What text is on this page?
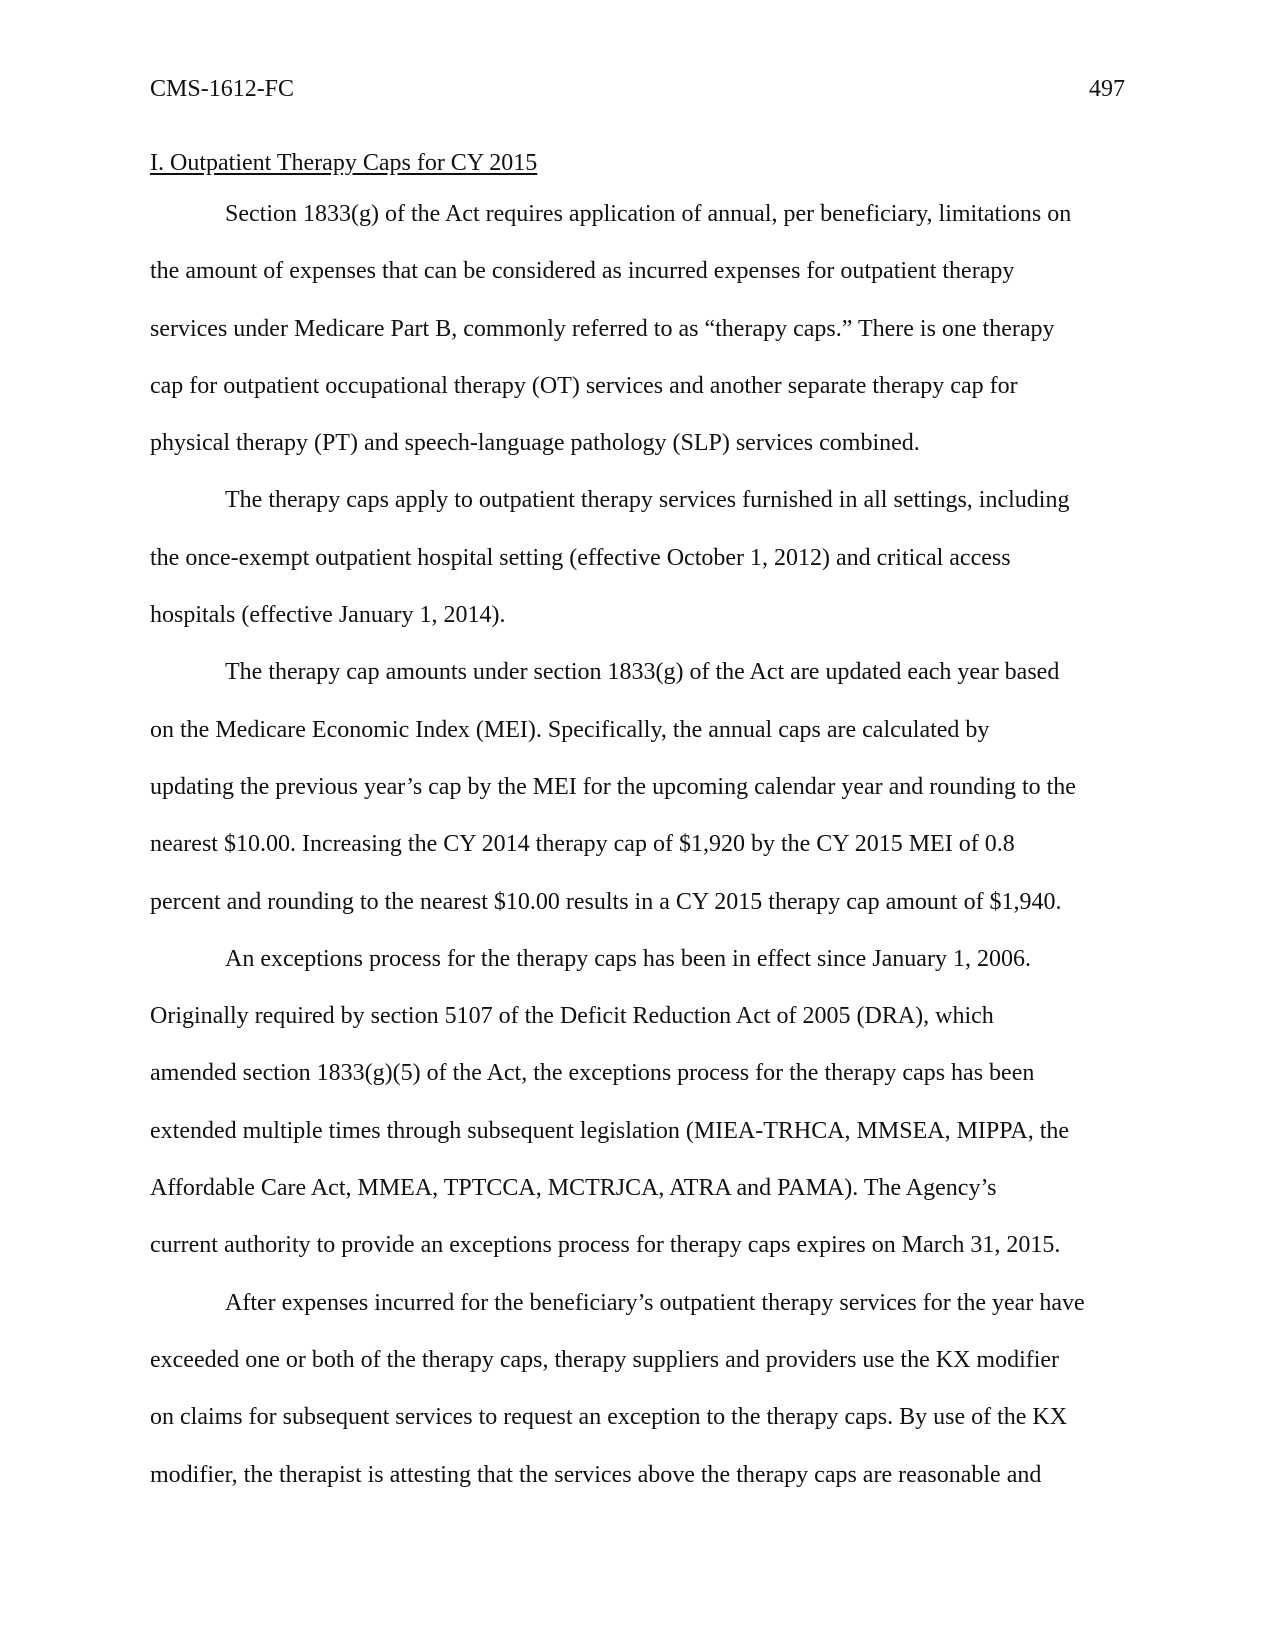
CMS-1612-FC	497
I. Outpatient Therapy Caps for CY 2015
Section 1833(g) of the Act requires application of annual, per beneficiary, limitations on
the amount of expenses that can be considered as incurred expenses for outpatient therapy
services under Medicare Part B, commonly referred to as “therapy caps.” There is one therapy
cap for outpatient occupational therapy (OT) services and another separate therapy cap for
physical therapy (PT) and speech-language pathology (SLP) services combined.
The therapy caps apply to outpatient therapy services furnished in all settings, including
the once-exempt outpatient hospital setting (effective October 1, 2012) and critical access
hospitals (effective January 1, 2014).
The therapy cap amounts under section 1833(g) of the Act are updated each year based
on the Medicare Economic Index (MEI). Specifically, the annual caps are calculated by
updating the previous year’s cap by the MEI for the upcoming calendar year and rounding to the
nearest $10.00. Increasing the CY 2014 therapy cap of $1,920 by the CY 2015 MEI of 0.8
percent and rounding to the nearest $10.00 results in a CY 2015 therapy cap amount of $1,940.
An exceptions process for the therapy caps has been in effect since January 1, 2006.
Originally required by section 5107 of the Deficit Reduction Act of 2005 (DRA), which
amended section 1833(g)(5) of the Act, the exceptions process for the therapy caps has been
extended multiple times through subsequent legislation (MIEA-TRHCA, MMSEA, MIPPA, the
Affordable Care Act, MMEA, TPTCCA, MCTRJCA, ATRA and PAMA). The Agency’s
current authority to provide an exceptions process for therapy caps expires on March 31, 2015.
After expenses incurred for the beneficiary’s outpatient therapy services for the year have
exceeded one or both of the therapy caps, therapy suppliers and providers use the KX modifier
on claims for subsequent services to request an exception to the therapy caps. By use of the KX
modifier, the therapist is attesting that the services above the therapy caps are reasonable and
